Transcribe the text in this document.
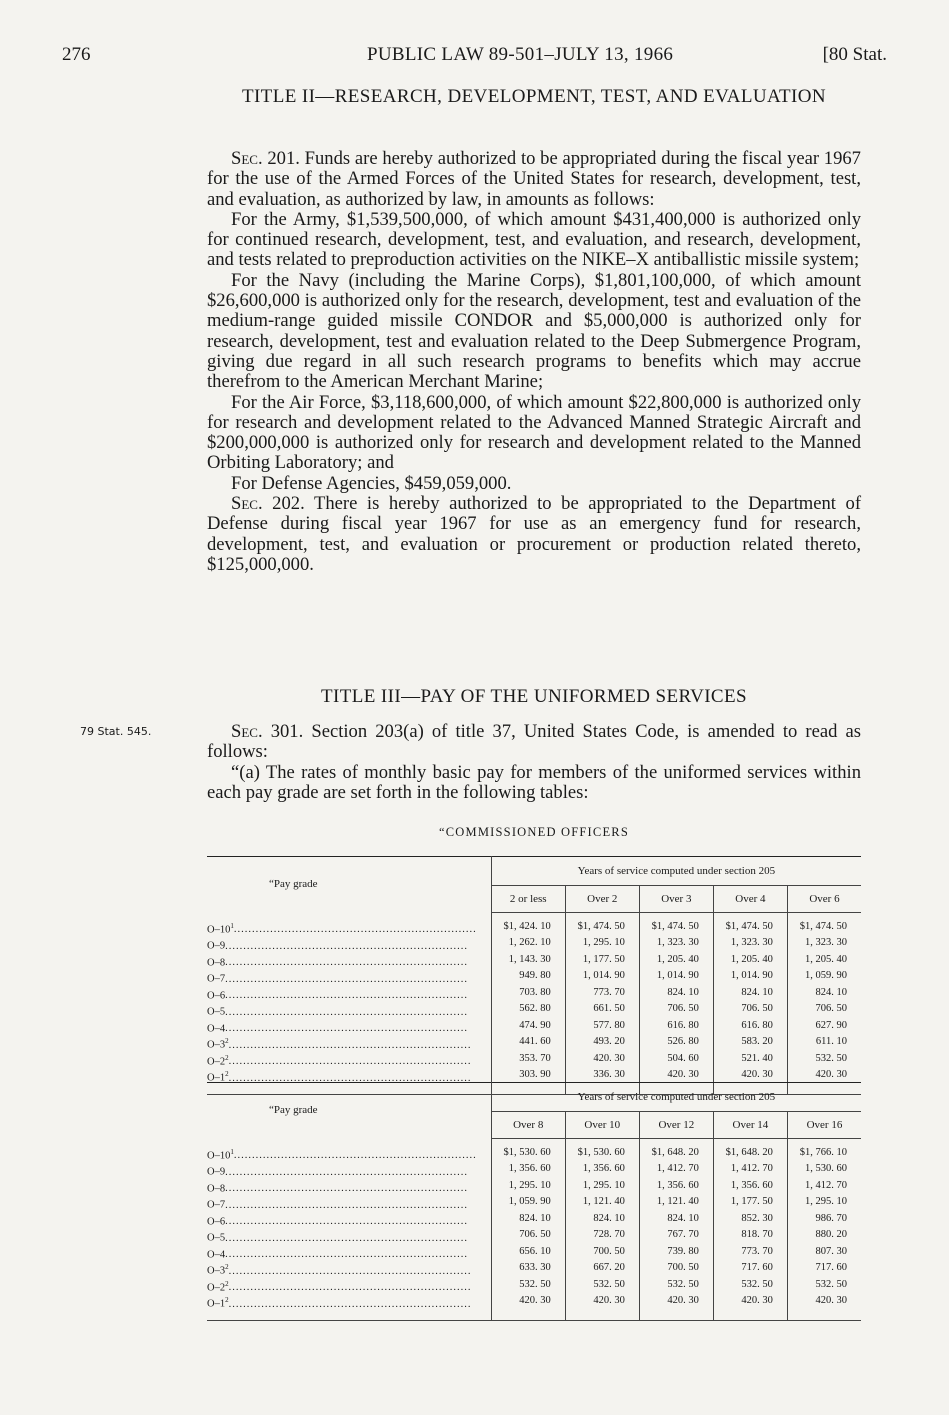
276	PUBLIC LAW 89-501–JULY 13, 1966	[80 Stat.

TITLE II—RESEARCH, DEVELOPMENT, TEST, AND EVALUATION

Sec. 201. Funds are hereby authorized to be appropriated during the fiscal year 1967 for the use of the Armed Forces of the United States for research, development, test, and evaluation, as authorized by law, in amounts as follows:

For the Army, $1,539,500,000, of which amount $431,400,000 is authorized only for continued research, development, test, and evaluation, and research, development, and tests related to preproduction activities on the NIKE–X antiballistic missile system;

For the Navy (including the Marine Corps), $1,801,100,000, of which amount $26,600,000 is authorized only for the research, development, test and evaluation of the medium-range guided missile CONDOR and $5,000,000 is authorized only for research, development, test and evaluation related to the Deep Submergence Program, giving due regard in all such research programs to benefits which may accrue therefrom to the American Merchant Marine;

For the Air Force, $3,118,600,000, of which amount $22,800,000 is authorized only for research and development related to the Advanced Manned Strategic Aircraft and $200,000,000 is authorized only for research and development related to the Manned Orbiting Laboratory; and

For Defense Agencies, $459,059,000.

Sec. 202. There is hereby authorized to be appropriated to the Department of Defense during fiscal year 1967 for use as an emergency fund for research, development, test, and evaluation or procurement or production related thereto, $125,000,000.

TITLE III—PAY OF THE UNIFORMED SERVICES

79 Stat. 545.	Sec. 301. Section 203(a) of title 37, United States Code, is amended to read as follows:

“(a) The rates of monthly basic pay for members of the uniformed services within each pay grade are set forth in the following tables:

“COMMISSIONED OFFICERS
“Pay grade	Years of service computed under section 205				
	2 or less	Over 2	Over 3	Over 4	Over 6
$O-10^1$ .....	$1, 424. 10	$1, 474. 50	$1, 474. 50	$1, 474. 50	$1, 474. 50
O–9 .....	1, 262. 10	1, 295. 10	1, 323. 30	1, 323. 30	1, 323. 30
O–8 .....	1, 143. 30	1, 177. 50	1, 205. 40	1, 205. 40	1, 205. 40
O–7 .....	949. 80	1, 014. 90	1, 014. 90	1, 014. 90	1, 059. 90
O–6 .....	703. 80	773. 70	824. 10	824. 10	824. 10
O–5 .....	562. 80	661. 50	706. 50	706. 50	706. 50
O–4 .....	474. 90	577. 80	616. 80	616. 80	627. 90
$O-3^2$ .....	441. 60	493. 20	526. 80	583. 20	611. 10
$O-2^2$ .....	353. 70	420. 30	504. 60	521. 40	532. 50
$O-1^2$ .....	303. 90	336. 30	420. 30	420. 30	420. 30
“Pay grade	Years of service computed under section 205				
	Over 8	Over 10	Over 12	Over 14	Over 16
$O-10^1$ .....	$1, 530. 60	$1, 530. 60	$1, 648. 20	$1, 648. 20	$1, 766. 10
O–9 .....	1, 356. 60	1, 356. 60	1, 412. 70	1, 412. 70	1, 530. 60
O–8 .....	1, 295. 10	1, 295. 10	1, 356. 60	1, 356. 60	1, 412. 70
O–7 .....	1, 059. 90	1, 121. 40	1, 121. 40	1, 177. 50	1, 295. 10
O–6 .....	824. 10	824. 10	824. 10	852. 30	986. 70
O–5 .....	706. 50	728. 70	767. 70	818. 70	880. 20
O–4 .....	656. 10	700. 50	739. 80	773. 70	807. 30
$O-3^2$ .....	633. 30	667. 20	700. 50	717. 60	717. 60
$O-2^2$ .....	532. 50	532. 50	532. 50	532. 50	532. 50
$O-1^2$ .....	420. 30	420. 30	420. 30	420. 30	420. 30
